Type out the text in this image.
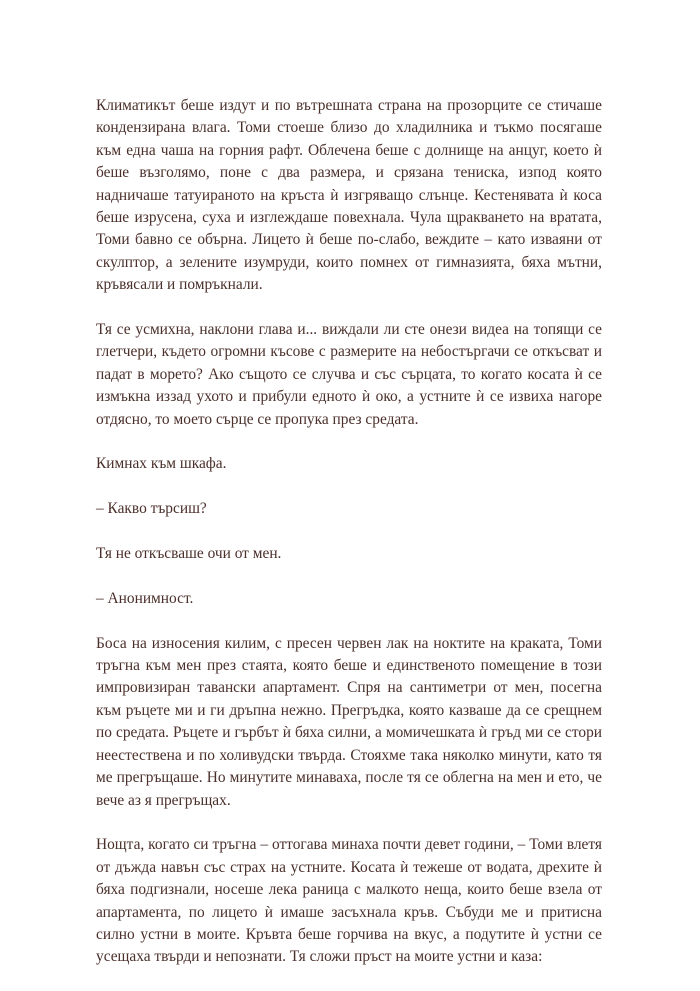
Климатикът беше издут и по вътрешната страна на прозорците се стичаше кондензирана влага. Томи стоеше близо до хладилника и тъкмо посягаше към една чаша на горния рафт. Облечена беше с долнище на анцуг, което ѝ беше възголямо, поне с два размера, и срязана тениска, изпод която надничаше татуираното на кръста ѝ изгряващо слънце. Кестенявата ѝ коса беше изрусена, суха и изглеждаше повехнала. Чула щракването на вратата, Томи бавно се обърна. Лицето ѝ беше по-слабо, веждите – като изваяни от скулптор, а зелените изумруди, които помнех от гимназията, бяха мътни, кръвясали и помръкнали.

Тя се усмихна, наклони глава и... виждали ли сте онези видеа на топящи се глетчери, където огромни късове с размерите на небостъргачи се откъсват и падат в морето? Ако същото се случва и със сърцата, то когато косата ѝ се измъкна иззад ухото и прибули едното ѝ око, а устните ѝ се извиха нагоре отдясно, то моето сърце се пропука през средата.

Кимнах към шкафа.

– Какво търсиш?

Тя не откъсваше очи от мен.

– Анонимност.

Боса на износения килим, с пресен червен лак на ноктите на краката, Томи тръгна към мен през стаята, която беше и единственото помещение в този импровизиран тавански апартамент. Спря на сантиметри от мен, посегна към ръцете ми и ги дръпна нежно. Прегръдка, която казваше да се срещнем по средата. Ръцете и гърбът ѝ бяха силни, а момичешката ѝ гръд ми се стори неестествена и по холивудски твърда. Стояхме така няколко минути, като тя ме прегръщаше. Но минутите минаваха, после тя се облегна на мен и ето, че вече аз я прегръщах.

Нощта, когато си тръгна – оттогава минаха почти девет години, – Томи влетя от дъжда навън със страх на устните. Косата ѝ тежеше от водата, дрехите ѝ бяха подгизнали, носеше лека раница с малкото неща, които беше взела от апартамента, по лицето ѝ имаше засъхнала кръв. Събуди ме и притисна силно устни в моите. Кръвта беше горчива на вкус, а подутите ѝ устни се усещаха твърди и непознати. Тя сложи пръст на моите устни и каза:
